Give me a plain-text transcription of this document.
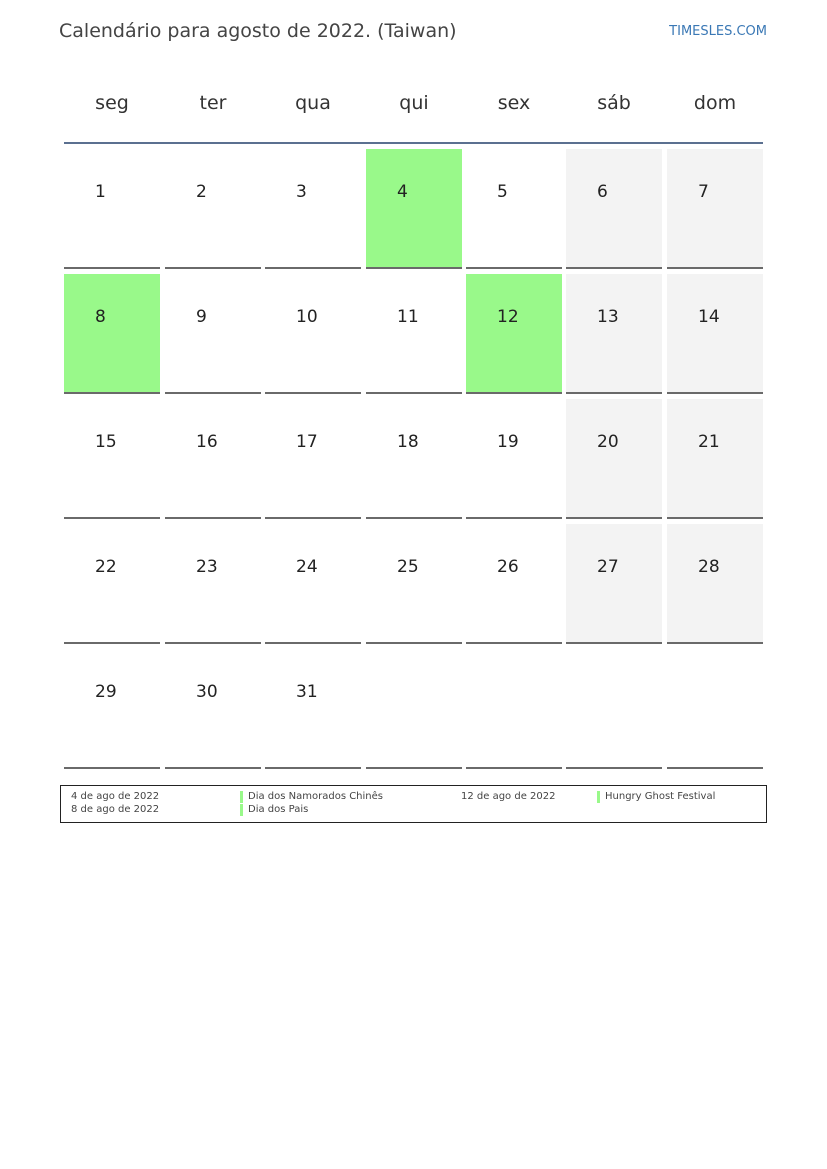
Calendário para agosto de 2022. (Taiwan)	TIMESLES.COM
seg	ter	qua	qui	sex	sáb	dom
1	2	3	4	5	6	7
8	9	10	11	12	13	14
15	16	17	18	19	20	21
22	23	24	25	26	27	28
29	30	31
4 de ago de 2022	Dia dos Namorados Chinês
8 de ago de 2022	Dia dos Pais
12 de ago de 2022	Hungry Ghost Festival
